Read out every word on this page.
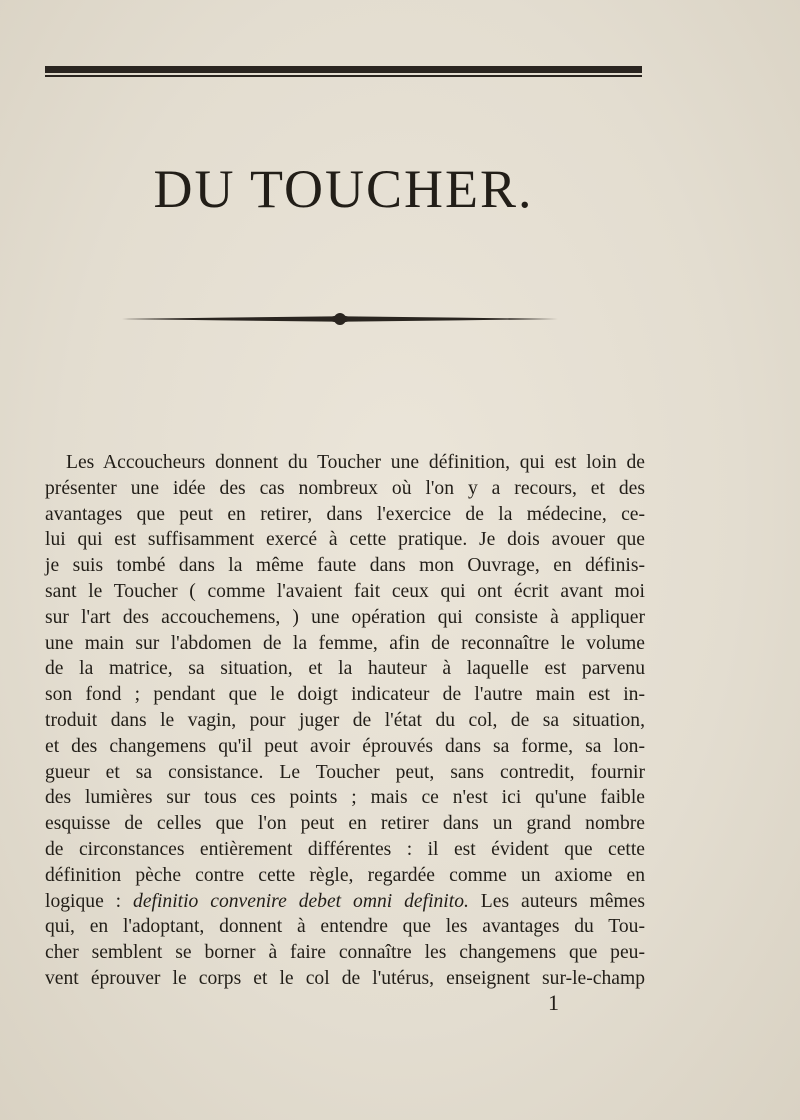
DU TOUCHER.
Les Accoucheurs donnent du Toucher une définition, qui est loin de
présenter une idée des cas nombreux où l'on y a recours, et des
avantages que peut en retirer, dans l'exercice de la médecine, ce-
lui qui est suffisamment exercé à cette pratique. Je dois avouer que
je suis tombé dans la même faute dans mon Ouvrage, en définis-
sant le Toucher ( comme l'avaient fait ceux qui ont écrit avant moi
sur l'art des accouchemens, ) une opération qui consiste à appliquer
une main sur l'abdomen de la femme, afin de reconnaître le volume
de la matrice, sa situation, et la hauteur à laquelle est parvenu
son fond ; pendant que le doigt indicateur de l'autre main est in-
troduit dans le vagin, pour juger de l'état du col, de sa situation,
et des changemens qu'il peut avoir éprouvés dans sa forme, sa lon-
gueur et sa consistance. Le Toucher peut, sans contredit, fournir
des lumières sur tous ces points ; mais ce n'est ici qu'une faible
esquisse de celles que l'on peut en retirer dans un grand nombre
de circonstances entièrement différentes : il est évident que cette
définition pèche contre cette règle, regardée comme un axiome en
logique : definitio convenire debet omni definito. Les auteurs mêmes
qui, en l'adoptant, donnent à entendre que les avantages du Tou-
cher semblent se borner à faire connaître les changemens que peu-
vent éprouver le corps et le col de l'utérus, enseignent sur-le-champ
1
